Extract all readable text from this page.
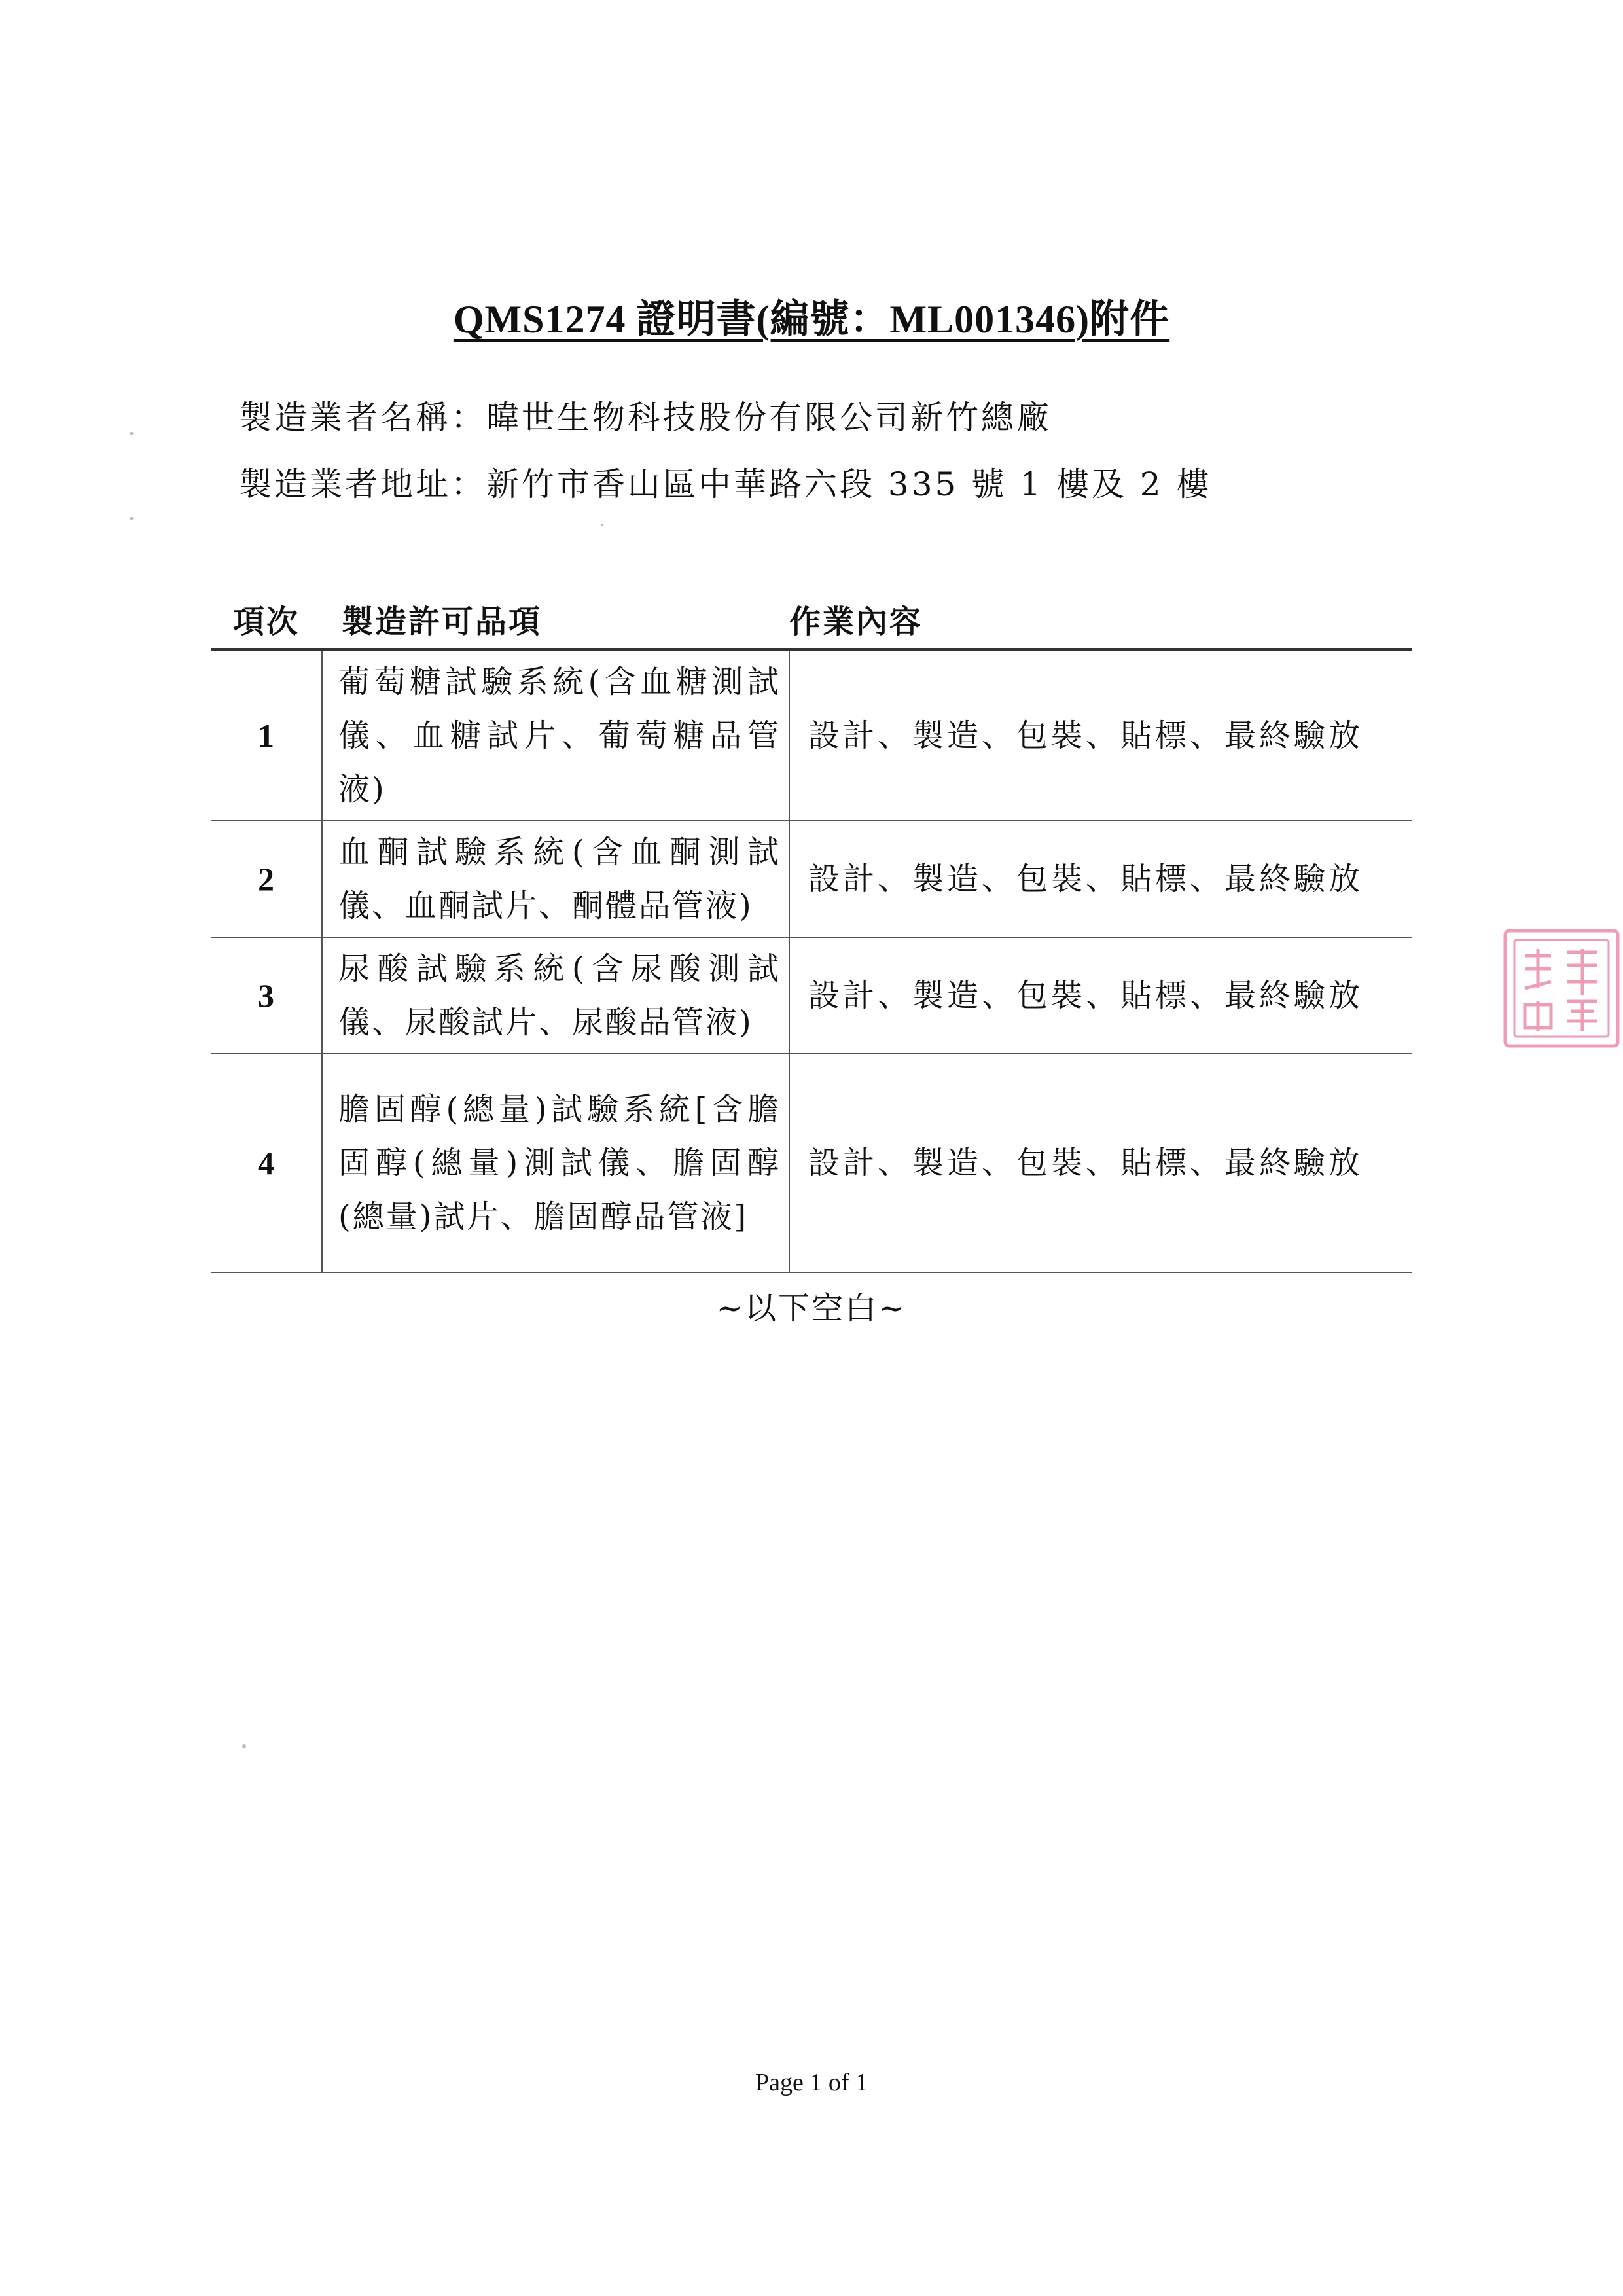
QMS1274 證明書(編號：ML001346)附件
製造業者名稱：暐世生物科技股份有限公司新竹總廠
製造業者地址：新竹市香山區中華路六段 335 號 1 樓及 2 樓
項次	製造許可品項	作業內容
1	葡萄糖試驗系統(含血糖測試儀、血糖試片、葡萄糖品管液)	設計、製造、包裝、貼標、最終驗放
2	血酮試驗系統(含血酮測試儀、血酮試片、酮體品管液)	設計、製造、包裝、貼標、最終驗放
3	尿酸試驗系統(含尿酸測試儀、尿酸試片、尿酸品管液)	設計、製造、包裝、貼標、最終驗放
4	膽固醇(總量)試驗系統[含膽固醇(總量)測試儀、膽固醇(總量)試片、膽固醇品管液]	設計、製造、包裝、貼標、最終驗放
~以下空白~
Page 1 of 1
